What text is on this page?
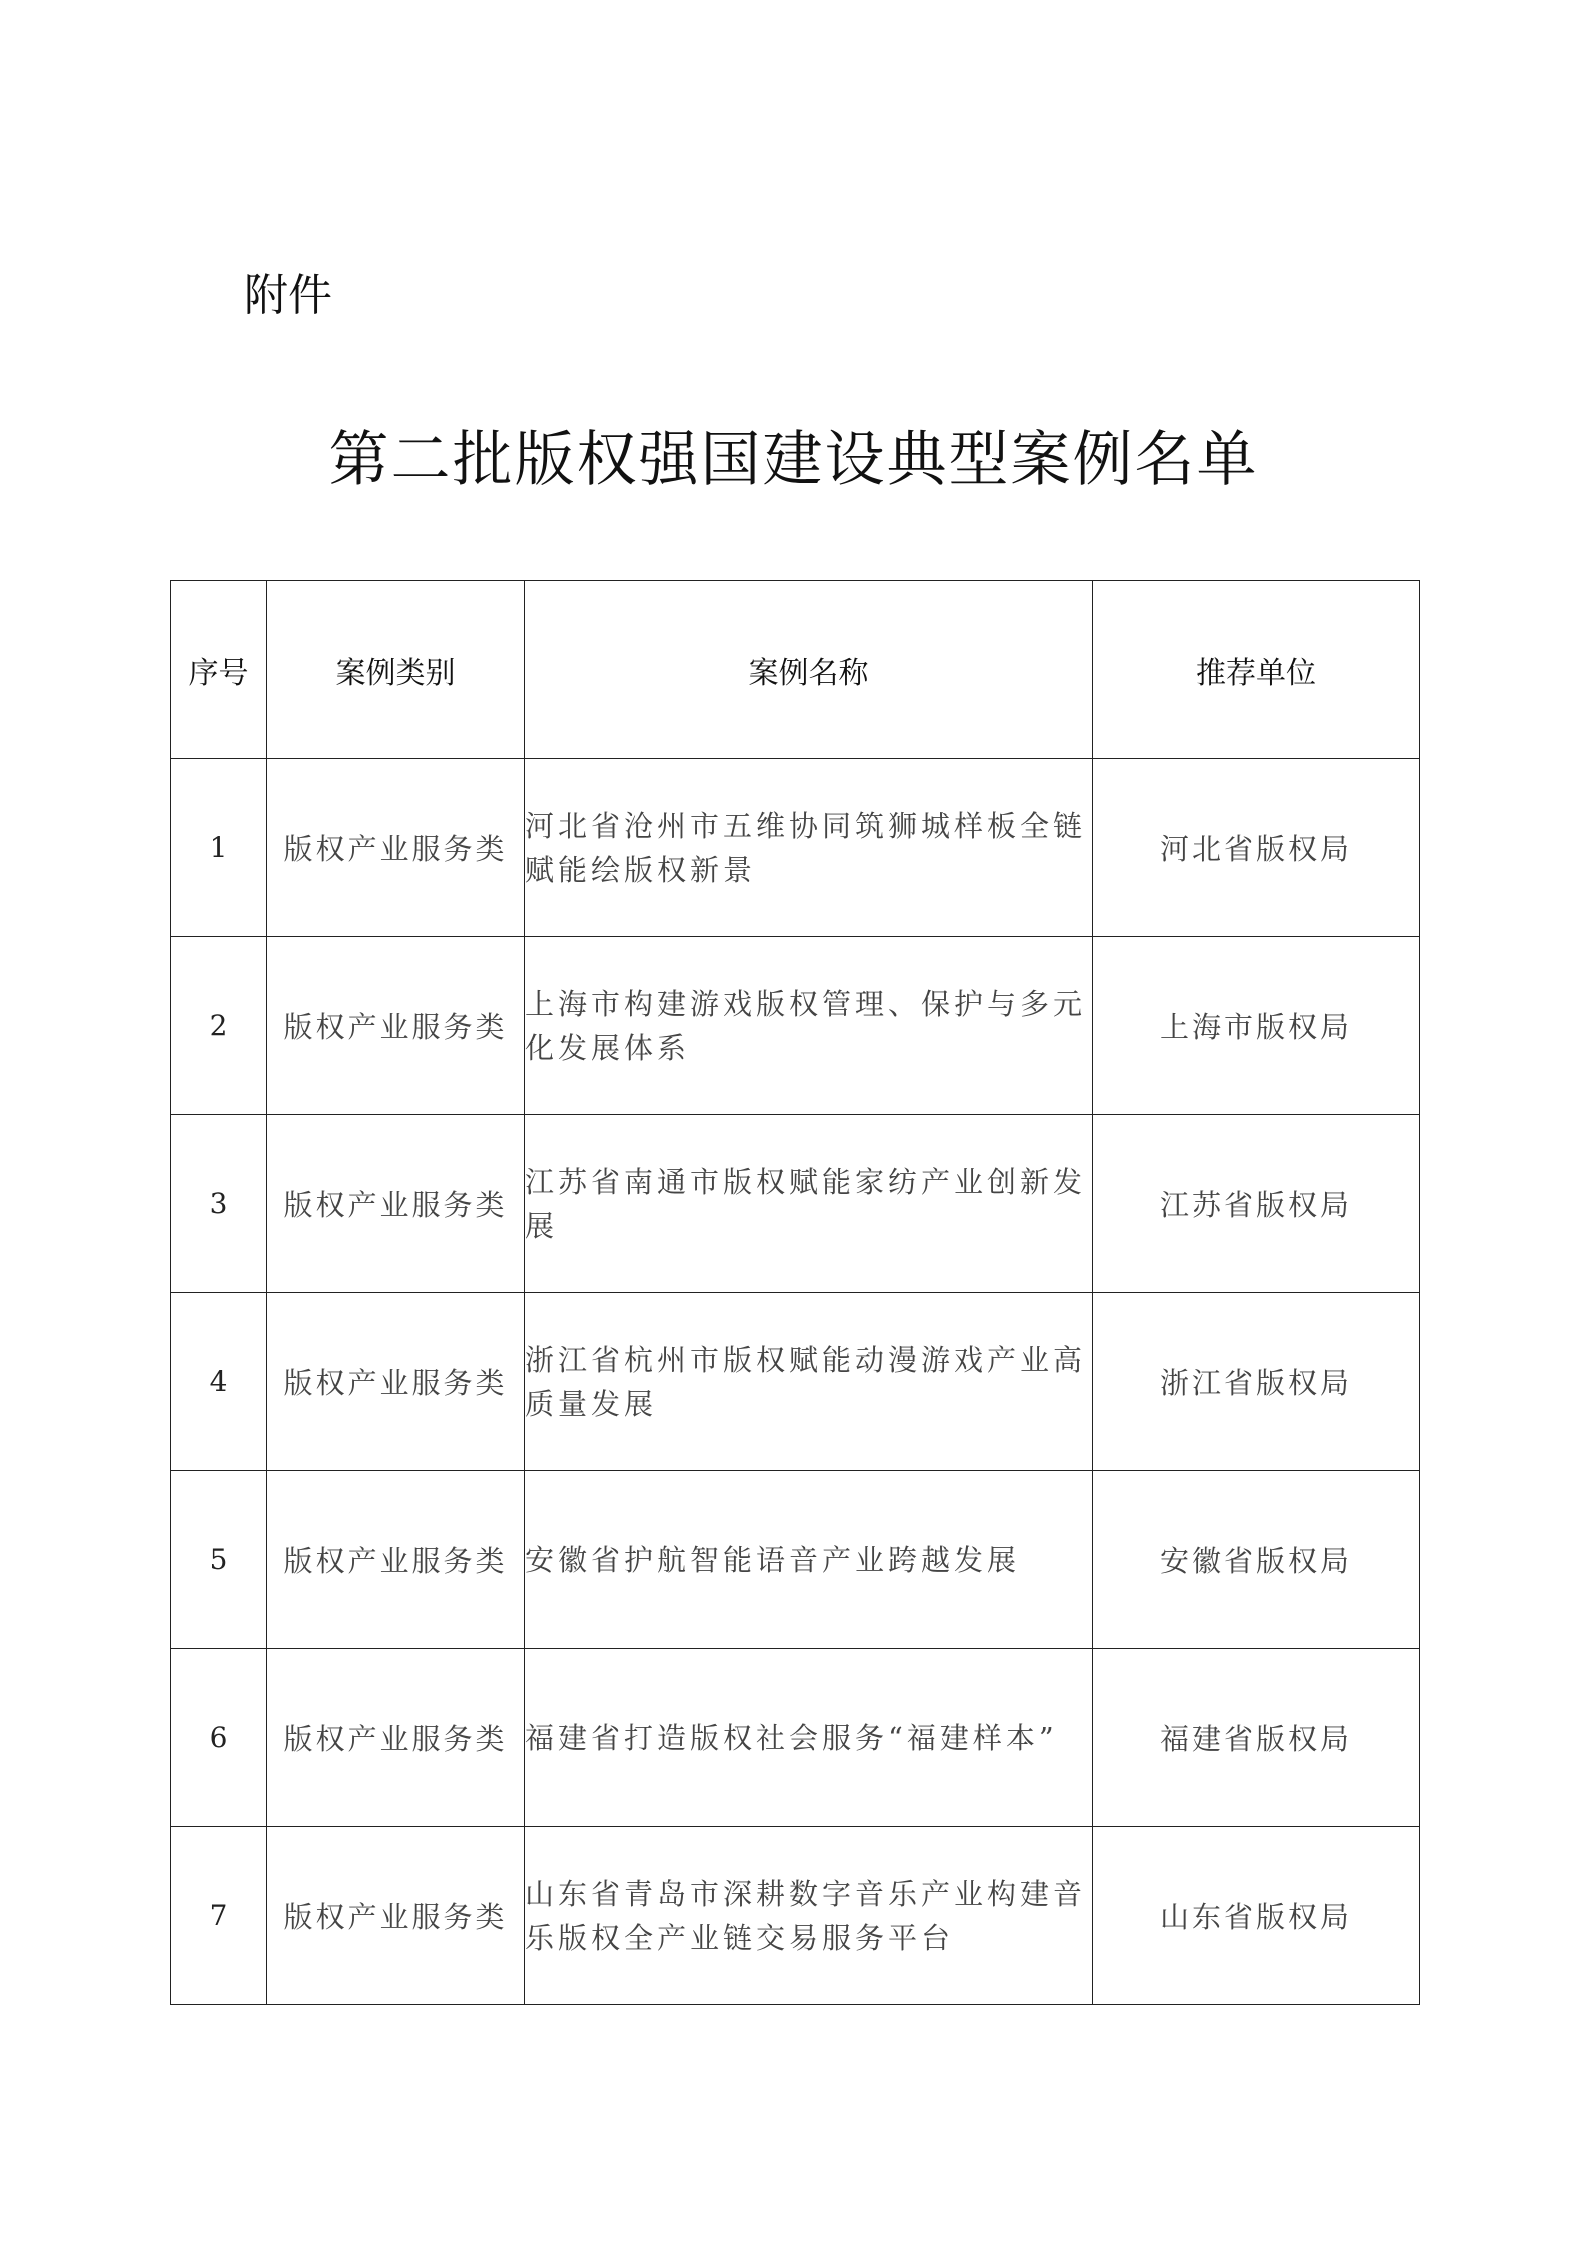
附件
第二批版权强国建设典型案例名单
序号	案例类别	案例名称	推荐单位
1	版权产业服务类	河北省沧州市五维协同筑狮城样板全链赋能绘版权新景	河北省版权局
2	版权产业服务类	上海市构建游戏版权管理、保护与多元化发展体系	上海市版权局
3	版权产业服务类	江苏省南通市版权赋能家纺产业创新发展	江苏省版权局
4	版权产业服务类	浙江省杭州市版权赋能动漫游戏产业高质量发展	浙江省版权局
5	版权产业服务类	安徽省护航智能语音产业跨越发展	安徽省版权局
6	版权产业服务类	福建省打造版权社会服务“福建样本”	福建省版权局
7	版权产业服务类	山东省青岛市深耕数字音乐产业构建音乐版权全产业链交易服务平台	山东省版权局
